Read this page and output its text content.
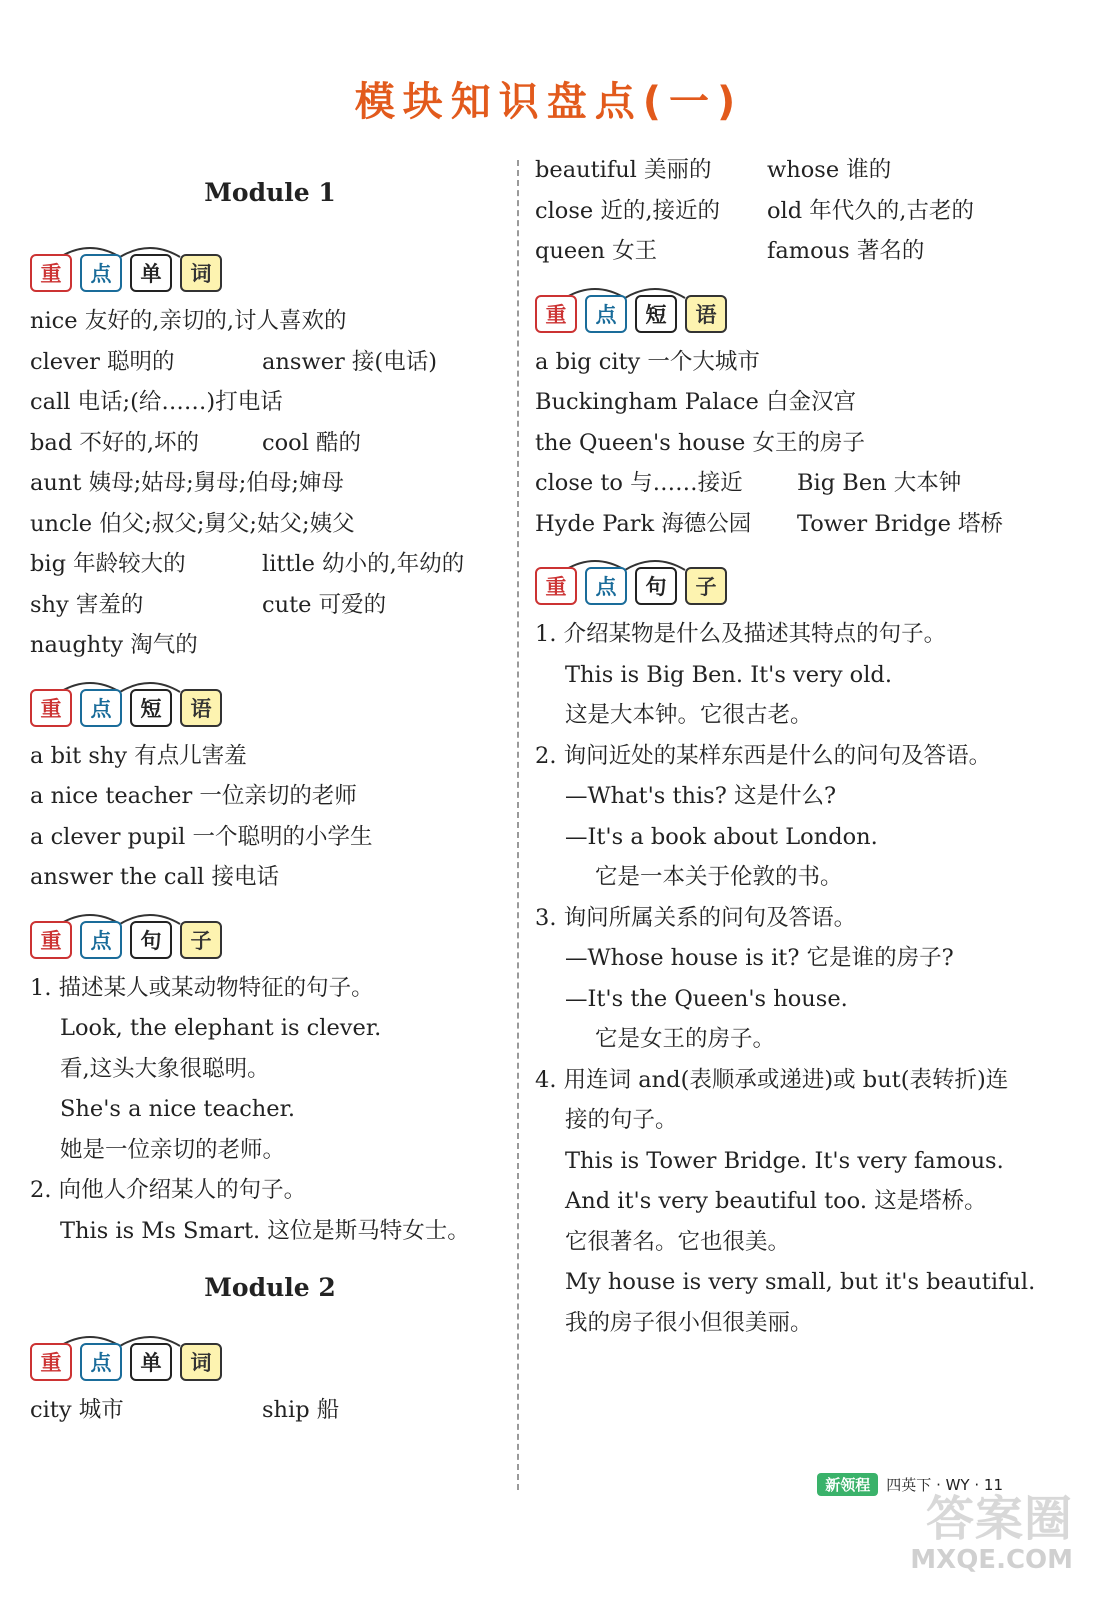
模块知识盘点(一)
Module 1
重	点	单	词
nice 友好的,亲切的,讨人喜欢的
clever 聪明的	answer 接(电话)
call 电话;(给……)打电话
bad 不好的,坏的	cool 酷的
aunt 姨母;姑母;舅母;伯母;婶母
uncle 伯父;叔父;舅父;姑父;姨父
big 年龄较大的	little 幼小的,年幼的
shy 害羞的	cute 可爱的
naughty 淘气的
重	点	短	语
a bit shy 有点儿害羞
a nice teacher 一位亲切的老师
a clever pupil 一个聪明的小学生
answer the call 接电话
重	点	句	子
1. 描述某人或某动物特征的句子。
Look, the elephant is clever.
看,这头大象很聪明。
She's a nice teacher.
她是一位亲切的老师。
2. 向他人介绍某人的句子。
This is Ms Smart. 这位是斯马特女士。
Module 2
重	点	单	词
city 城市	ship 船
beautiful 美丽的	whose 谁的
close 近的,接近的	old 年代久的,古老的
queen 女王	famous 著名的
重	点	短	语
a big city 一个大城市
Buckingham Palace 白金汉宫
the Queen's house 女王的房子
close to 与……接近	Big Ben 大本钟
Hyde Park 海德公园	Tower Bridge 塔桥
重	点	句	子
1. 介绍某物是什么及描述其特点的句子。
This is Big Ben. It's very old.
这是大本钟。它很古老。
2. 询问近处的某样东西是什么的问句及答语。
—What's this? 这是什么?
—It's a book about London.
它是一本关于伦敦的书。
3. 询问所属关系的问句及答语。
—Whose house is it? 它是谁的房子?
—It's the Queen's house.
它是女王的房子。
4. 用连词 and(表顺承或递进)或 but(表转折)连接的句子。
This is Tower Bridge. It's very famous.
And it's very beautiful too. 这是塔桥。
它很著名。它也很美。
My house is very small, but it's beautiful.
我的房子很小但很美丽。
新领程	四英下 · WY · 11
答案圈
MXQE.COM
